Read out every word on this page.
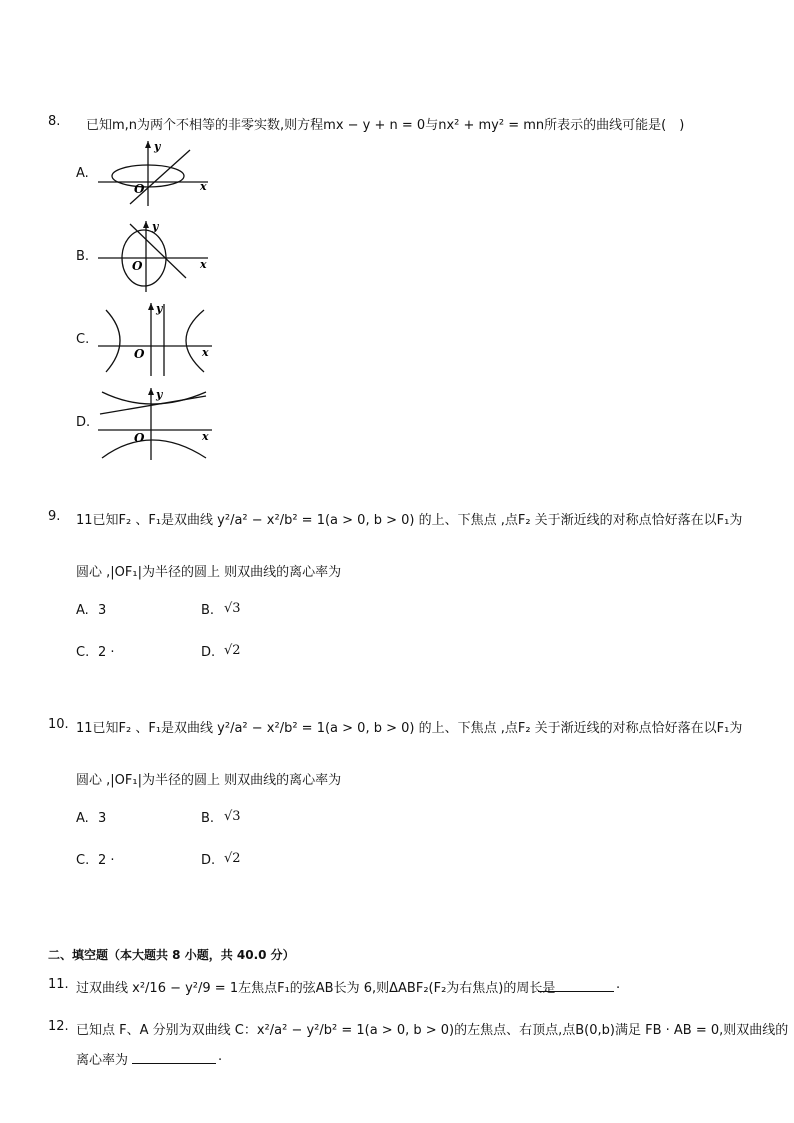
8. 已知m,n为两个不相等的非零实数,则方程mx − y + n = 0与nx² + my² = mn所表示的曲线可能是(　)
A.
B.
C.
D.
y
x
O
y
x
O
y
x
O
y
x
O
9. 11已知F₂ 、F₁是双曲线 y²/a² − x²/b² = 1(a > 0, b > 0) 的上、下焦点 ,点F₂ 关于渐近线的对称点恰好落在以F₁为
圆心 ,|OF₁|为半径的圆上 则双曲线的离心率为
A. 3	B. √3
C. 2 ·	D. √2
10. 11已知F₂ 、F₁是双曲线 y²/a² − x²/b² = 1(a > 0, b > 0) 的上、下焦点 ,点F₂ 关于渐近线的对称点恰好落在以F₁为
圆心 ,|OF₁|为半径的圆上 则双曲线的离心率为
A. 3	B. √3
C. 2 ·	D. √2
二、填空题（本大题共 8 小题，共 40.0 分）
11. 过双曲线 x²/16 − y²/9 = 1左焦点F₁的弦AB长为 6,则ΔABF₂(F₂为右焦点)的周长是	.
12. 已知点 F、A 分别为双曲线 C：x²/a² − y²/b² = 1(a > 0, b > 0)的左焦点、右顶点,点B(0,b)满足 FB · AB = 0,则双曲线的
离心率为	.
